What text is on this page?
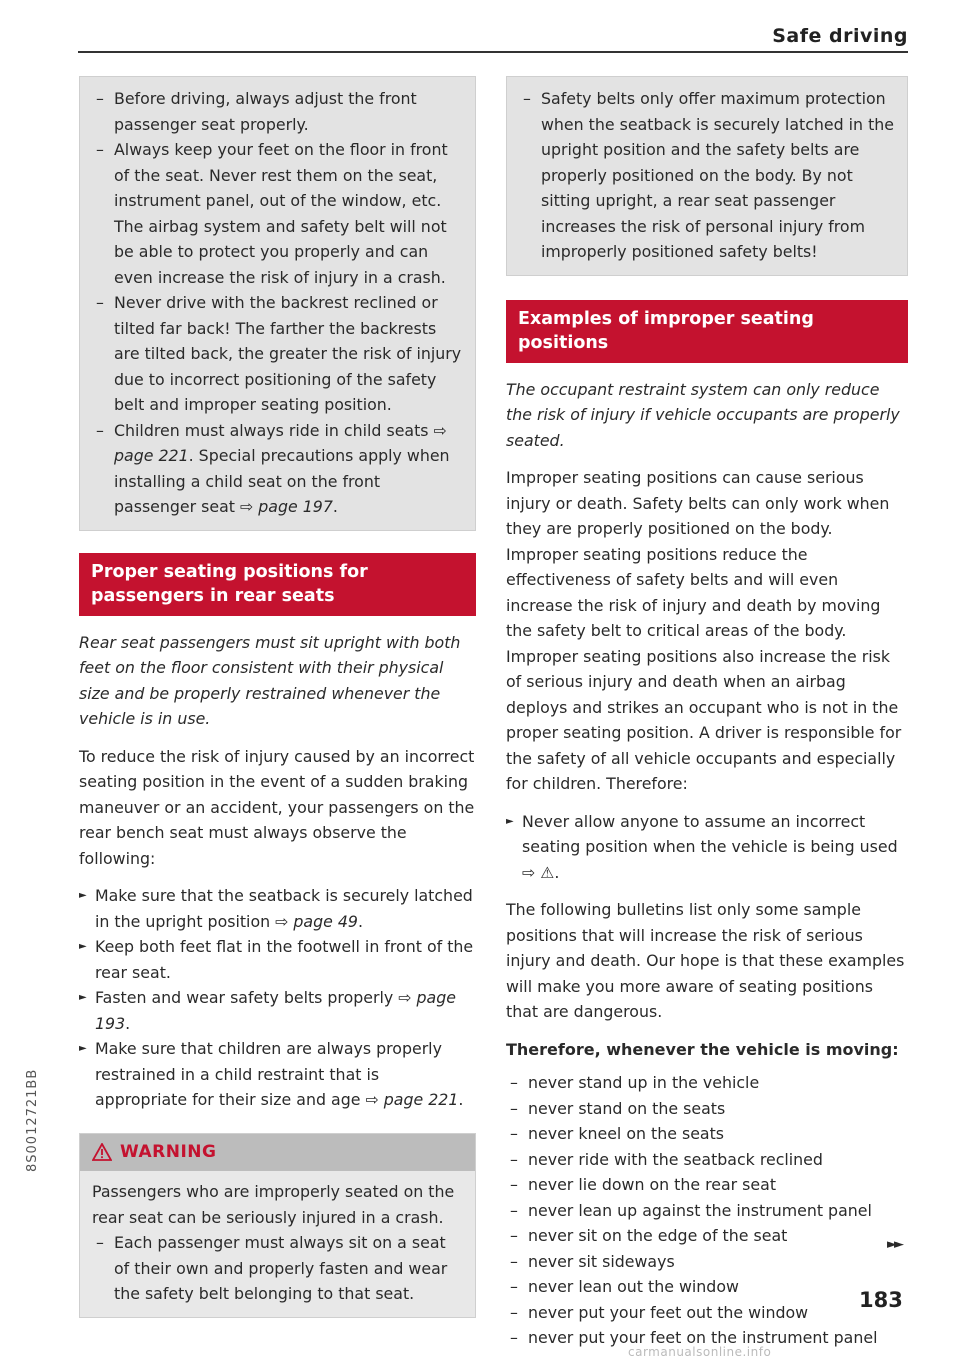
Safe driving
– Before driving, always adjust the front passenger seat properly.
– Always keep your feet on the floor in front of the seat. Never rest them on the seat, instrument panel, out of the window, etc. The airbag system and safety belt will not be able to protect you properly and can even increase the risk of injury in a crash.
– Never drive with the backrest reclined or tilted far back! The farther the backrests are tilted back, the greater the risk of injury due to incorrect positioning of the safety belt and improper seating position.
– Children must always ride in child seats ⇨ page 221. Special precautions apply when installing a child seat on the front passenger seat ⇨ page 197.
Proper seating positions for passengers in rear seats

Rear seat passengers must sit upright with both feet on the floor consistent with their physical size and be properly restrained whenever the vehicle is in use.

To reduce the risk of injury caused by an incorrect seating position in the event of a sudden braking maneuver or an accident, your passengers on the rear bench seat must always observe the following:

► Make sure that the seatback is securely latched in the upright position ⇨ page 49.
► Keep both feet flat in the footwell in front of the rear seat.
► Fasten and wear safety belts properly ⇨ page 193.
► Make sure that children are always properly restrained in a child restraint that is appropriate for their size and age ⇨ page 221.
WARNING

Passengers who are improperly seated on the rear seat can be seriously injured in a crash.

– Each passenger must always sit on a seat of their own and properly fasten and wear the safety belt belonging to that seat.
– Safety belts only offer maximum protection when the seatback is securely latched in the upright position and the safety belts are properly positioned on the body. By not sitting upright, a rear seat passenger increases the risk of personal injury from improperly positioned safety belts!
Examples of improper seating positions

The occupant restraint system can only reduce the risk of injury if vehicle occupants are properly seated.

Improper seating positions can cause serious injury or death. Safety belts can only work when they are properly positioned on the body. Improper seating positions reduce the effectiveness of safety belts and will even increase the risk of injury and death by moving the safety belt to critical areas of the body. Improper seating positions also increase the risk of serious injury and death when an airbag deploys and strikes an occupant who is not in the proper seating position. A driver is responsible for the safety of all vehicle occupants and especially for children. Therefore:

► Never allow anyone to assume an incorrect seating position when the vehicle is being used ⇨ ⚠.

The following bulletins list only some sample positions that will increase the risk of serious injury and death. Our hope is that these examples will make you more aware of seating positions that are dangerous.

Therefore, whenever the vehicle is moving:

– never stand up in the vehicle
– never stand on the seats
– never kneel on the seats
– never ride with the seatback reclined
– never lie down on the rear seat
– never lean up against the instrument panel
– never sit on the edge of the seat
– never sit sideways
– never lean out the window
– never put your feet out the window
– never put your feet on the instrument panel
►►
183
8S0012721BB
carmanualsonline.info
